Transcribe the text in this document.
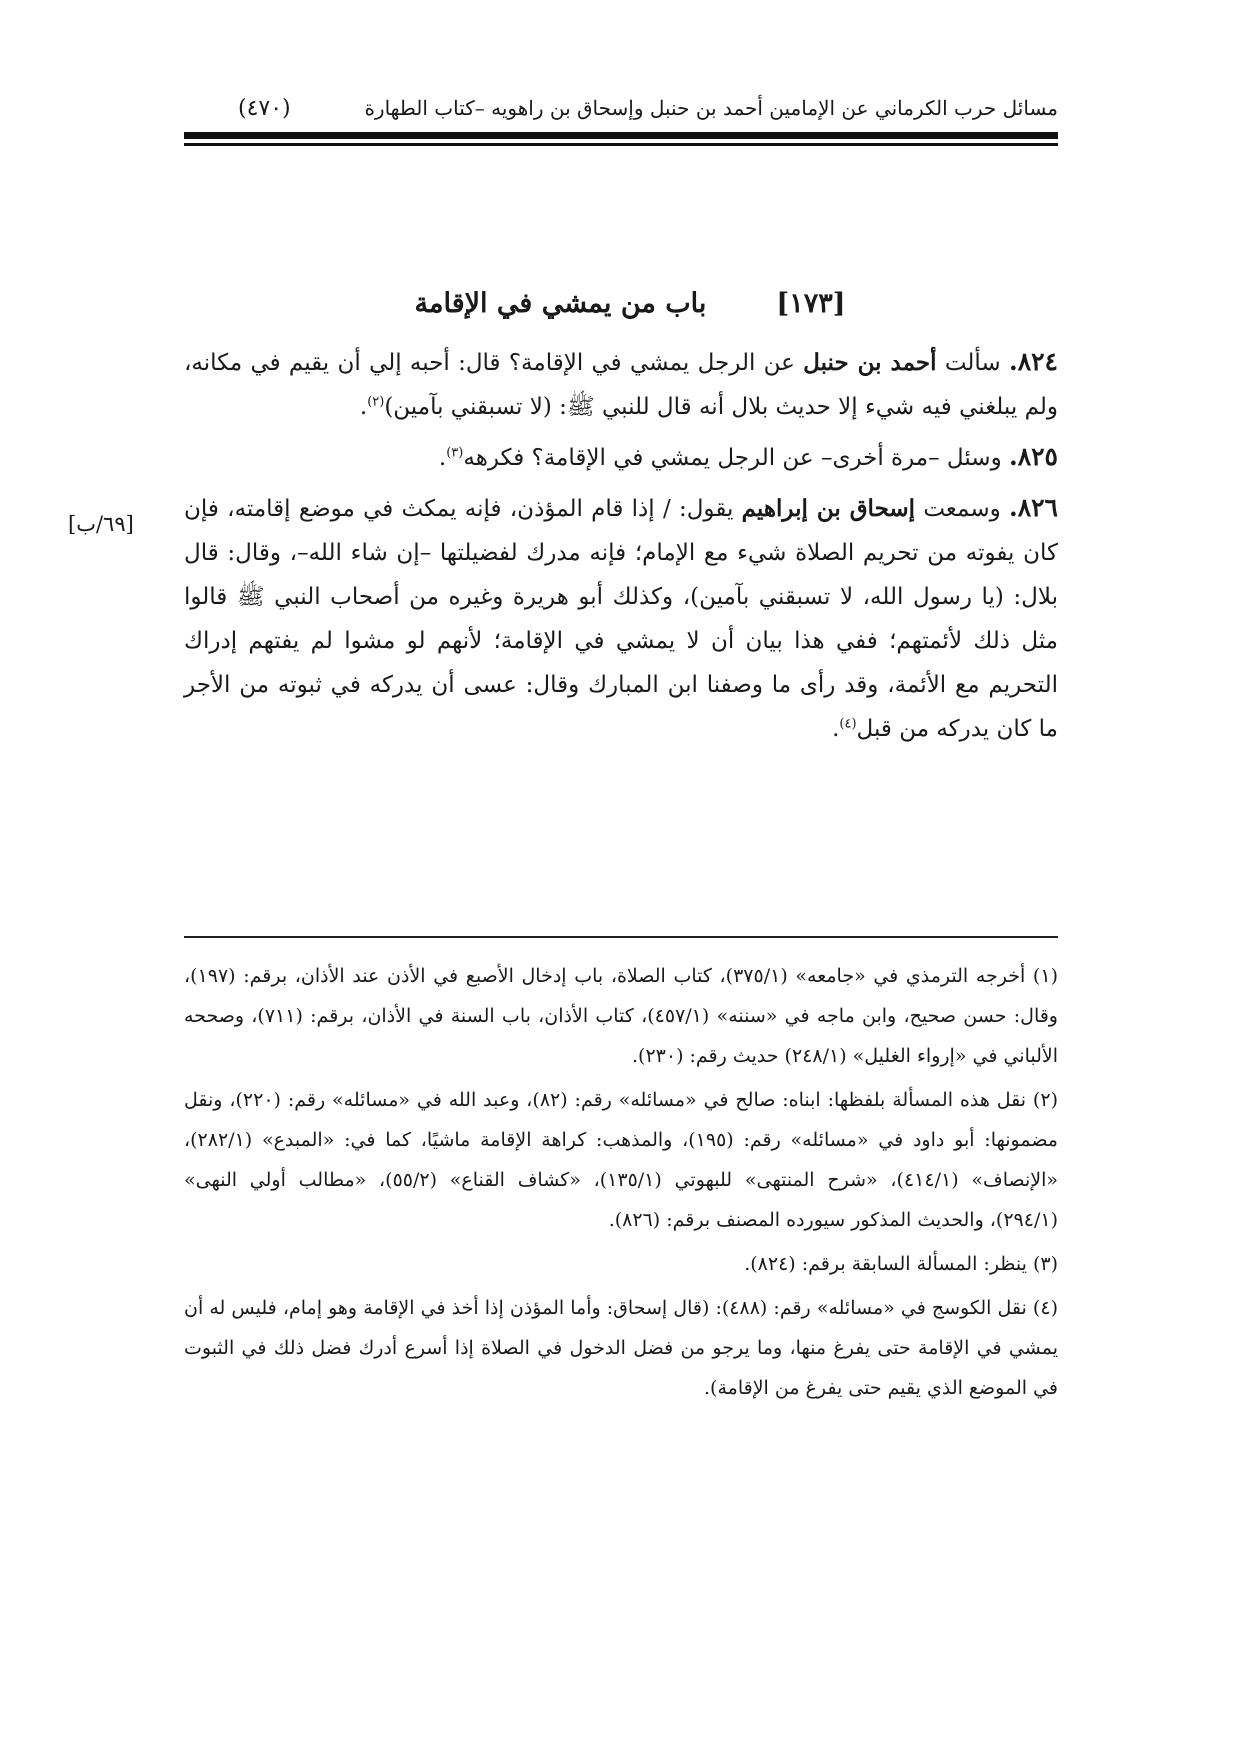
مسائل حرب الكرماني عن الإمامين أحمد بن حنبل وإسحاق بن راهويه –كتاب الطهارة
(٤٧٠)
[١٧٣]
باب من يمشي في الإقامة
[٦٩/ب]

٨٢٤. سألت أحمد بن حنبل عن الرجل يمشي في الإقامة؟ قال: أحبه إلي أن يقيم في مكانه، ولم يبلغني فيه شيء إلا حديث بلال أنه قال للنبي ﷺ: (لا تسبقني بآمين)$^{(٢)}$.

٨٢٥. وسئل –مرة أخرى– عن الرجل يمشي في الإقامة؟ فكرهه$^{(٣)}$.

٨٢٦. وسمعت إسحاق بن إبراهيم يقول: / إذا قام المؤذن، فإنه يمكث في موضع إقامته، فإن كان يفوته من تحريم الصلاة شيء مع الإمام؛ فإنه مدرك لفضيلتها –إن شاء الله–، وقال: قال بلال: (يا رسول الله، لا تسبقني بآمين)، وكذلك أبو هريرة وغيره من أصحاب النبي ﷺ قالوا مثل ذلك لأئمتهم؛ ففي هذا بيان أن لا يمشي في الإقامة؛ لأنهم لو مشوا لم يفتهم إدراك التحريم مع الأئمة، وقد رأى ما وصفنا ابن المبارك وقال: عسى أن يدركه في ثبوته من الأجر ما كان يدركه من قبل$^{(٤)}$.

(١) أخرجه الترمذي في «جامعه» (٣٧٥/١)، كتاب الصلاة، باب إدخال الأصبع في الأذن عند الأذان، برقم: (١٩٧)، وقال: حسن صحيح، وابن ماجه في «سننه» (٤٥٧/١)، كتاب الأذان، باب السنة في الأذان، برقم: (٧١١)، وصححه الألباني في «إرواء الغليل» (٢٤٨/١) حديث رقم: (٢٣٠).

(٢) نقل هذه المسألة بلفظها: ابناه: صالح في «مسائله» رقم: (٨٢)، وعبد الله في «مسائله» رقم: (٢٢٠)، ونقل مضمونها: أبو داود في «مسائله» رقم: (١٩٥)، والمذهب: كراهة الإقامة ماشيًا، كما في: «المبدع» (٢٨٢/١)، «الإنصاف» (٤١٤/١)، «شرح المنتهى» للبهوتي (١٣٥/١)، «كشاف القناع» (٥٥/٢)، «مطالب أولي النهى» (٢٩٤/١)، والحديث المذكور سيورده المصنف برقم: (٨٢٦).

(٣) ينظر: المسألة السابقة برقم: (٨٢٤).

(٤) نقل الكوسج في «مسائله» رقم: (٤٨٨): (قال إسحاق: وأما المؤذن إذا أخذ في الإقامة وهو إمام، فليس له أن يمشي في الإقامة حتى يفرغ منها، وما يرجو من فضل الدخول في الصلاة إذا أسرع أدرك فضل ذلك في الثبوت في الموضع الذي يقيم حتى يفرغ من الإقامة).
